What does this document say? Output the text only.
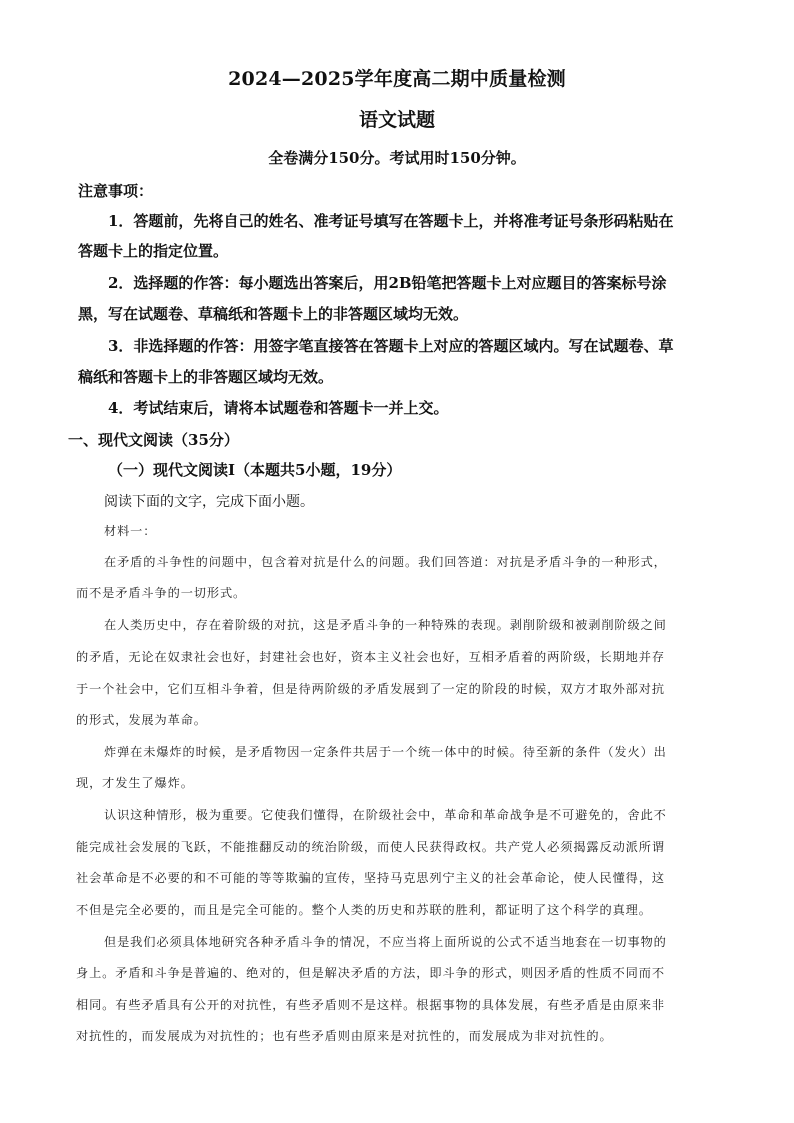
2024—2025学年度高二期中质量检测
语文试题
全卷满分150分。考试用时150分钟。
注意事项：
1．答题前，先将自己的姓名、准考证号填写在答题卡上，并将准考证号条形码粘贴在
答题卡上的指定位置。
2．选择题的作答：每小题选出答案后，用2B铅笔把答题卡上对应题目的答案标号涂
黑，写在试题卷、草稿纸和答题卡上的非答题区域均无效。
3．非选择题的作答：用签字笔直接答在答题卡上对应的答题区域内。写在试题卷、草
稿纸和答题卡上的非答题区域均无效。
4．考试结束后，请将本试题卷和答题卡一并上交。
一、现代文阅读（35分）
（一）现代文阅读Ⅰ（本题共5小题，19分）
阅读下面的文字，完成下面小题。
材料一：
在矛盾的斗争性的问题中，包含着对抗是什么的问题。我们回答道：对抗是矛盾斗争的一种形式，
而不是矛盾斗争的一切形式。
在人类历史中，存在着阶级的对抗，这是矛盾斗争的一种特殊的表现。剥削阶级和被剥削阶级之间
的矛盾，无论在奴隶社会也好，封建社会也好，资本主义社会也好，互相矛盾着的两阶级，长期地并存
于一个社会中，它们互相斗争着，但是待两阶级的矛盾发展到了一定的阶段的时候，双方才取外部对抗
的形式，发展为革命。
炸弹在未爆炸的时候，是矛盾物因一定条件共居于一个统一体中的时候。待至新的条件（发火）出
现，才发生了爆炸。
认识这种情形，极为重要。它使我们懂得，在阶级社会中，革命和革命战争是不可避免的，舍此不
能完成社会发展的飞跃，不能推翻反动的统治阶级，而使人民获得政权。共产党人必须揭露反动派所谓
社会革命是不必要的和不可能的等等欺骗的宣传，坚持马克思列宁主义的社会革命论，使人民懂得，这
不但是完全必要的，而且是完全可能的。整个人类的历史和苏联的胜利，都证明了这个科学的真理。
但是我们必须具体地研究各种矛盾斗争的情况，不应当将上面所说的公式不适当地套在一切事物的
身上。矛盾和斗争是普遍的、绝对的，但是解决矛盾的方法，即斗争的形式，则因矛盾的性质不同而不
相同。有些矛盾具有公开的对抗性，有些矛盾则不是这样。根据事物的具体发展，有些矛盾是由原来非
对抗性的，而发展成为对抗性的；也有些矛盾则由原来是对抗性的，而发展成为非对抗性的。
